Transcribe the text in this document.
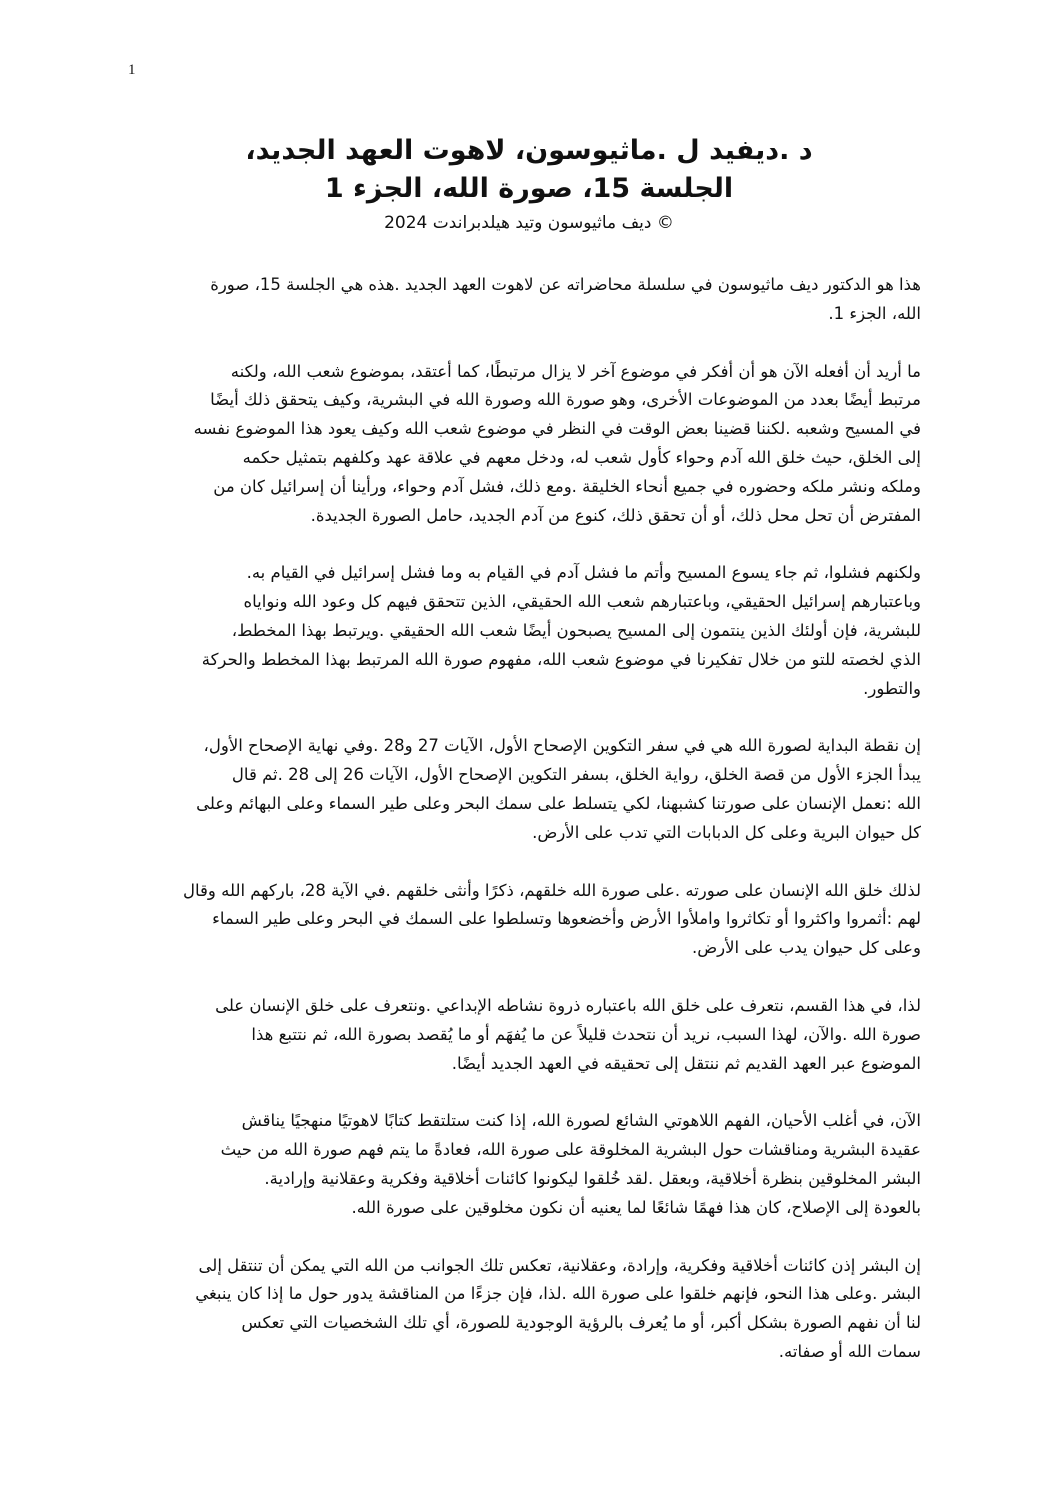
1
،د .ديفيد ل .ماثيوسون، لاهوت العهد الجديد
الجلسة 15، صورة الله، الجزء 1
ديف ماثيوسون وتيد هيلدبراندت 2024 ©
هذا هو الدكتور ديف ماثيوسون في سلسلة محاضراته عن لاهوت العهد الجديد .هذه هي الجلسة 15، صورة
.الله، الجزء 1
ما أريد أن أفعله الآن هو أن أفكر في موضوع آخر لا يزال مرتبطًا، كما أعتقد، بموضوع شعب الله، ولكنه
مرتبط أيضًا بعدد من الموضوعات الأخرى، وهو صورة الله وصورة الله في البشرية، وكيف يتحقق ذلك أيضًا
في المسيح وشعبه .لكننا قضينا بعض الوقت في النظر في موضوع شعب الله وكيف يعود هذا الموضوع نفسه
إلى الخلق، حيث خلق الله آدم وحواء كأول شعب له، ودخل معهم في علاقة عهد وكلفهم بتمثيل حكمه
وملكه ونشر ملكه وحضوره في جميع أنحاء الخليقة .ومع ذلك، فشل آدم وحواء، ورأينا أن إسرائيل كان من
.المفترض أن تحل محل ذلك، أو أن تحقق ذلك، كنوع من آدم الجديد، حامل الصورة الجديدة
.ولكنهم فشلوا، ثم جاء يسوع المسيح وأتم ما فشل آدم في القيام به وما فشل إسرائيل في القيام به
وباعتبارهم إسرائيل الحقيقي، وباعتبارهم شعب الله الحقيقي، الذين تتحقق فيهم كل وعود الله ونواياه
،للبشرية، فإن أولئك الذين ينتمون إلى المسيح يصبحون أيضًا شعب الله الحقيقي .ويرتبط بهذا المخطط
الذي لخصته للتو من خلال تفكيرنا في موضوع شعب الله، مفهوم صورة الله المرتبط بهذا المخطط والحركة
.والتطور
،إن نقطة البداية لصورة الله هي في سفر التكوين الإصحاح الأول، الآيات 27 و28 .وفي نهاية الإصحاح الأول
يبدأ الجزء الأول من قصة الخلق، رواية الخلق، بسفر التكوين الإصحاح الأول، الآيات 26 إلى 28 .ثم قال
الله :نعمل الإنسان على صورتنا كشبهنا، لكي يتسلط على سمك البحر وعلى طير السماء وعلى البهائم وعلى
.كل حيوان البرية وعلى كل الدبابات التي تدب على الأرض
لذلك خلق الله الإنسان على صورته .على صورة الله خلقهم، ذكرًا وأنثى خلقهم .في الآية 28، باركهم الله وقال
لهم :أثمروا واكثروا أو تكاثروا واملأوا الأرض وأخضعوها وتسلطوا على السمك في البحر وعلى طير السماء
.وعلى كل حيوان يدب على الأرض
لذا، في هذا القسم، نتعرف على خلق الله باعتباره ذروة نشاطه الإبداعي .ونتعرف على خلق الإنسان على
صورة الله .والآن، لهذا السبب، نريد أن نتحدث قليلاً عن ما يُفهَم أو ما يُقصد بصورة الله، ثم نتتبع هذا
.الموضوع عبر العهد القديم ثم ننتقل إلى تحقيقه في العهد الجديد أيضًا
الآن، في أغلب الأحيان، الفهم اللاهوتي الشائع لصورة الله، إذا كنت ستلتقط كتابًا لاهوتيًا منهجيًا يناقش
عقيدة البشرية ومناقشات حول البشرية المخلوقة على صورة الله، فعادةً ما يتم فهم صورة الله من حيث
.البشر المخلوقين بنظرة أخلاقية، وبعقل .لقد خُلقوا ليكونوا كائنات أخلاقية وفكرية وعقلانية وإرادية
.بالعودة إلى الإصلاح، كان هذا فهمًا شائعًا لما يعنيه أن نكون مخلوقين على صورة الله
إن البشر إذن كائنات أخلاقية وفكرية، وإرادة، وعقلانية، تعكس تلك الجوانب من الله التي يمكن أن تنتقل إلى
البشر .وعلى هذا النحو، فإنهم خلقوا على صورة الله .لذا، فإن جزءًا من المناقشة يدور حول ما إذا كان ينبغي
لنا أن نفهم الصورة بشكل أكبر، أو ما يُعرف بالرؤية الوجودية للصورة، أي تلك الشخصيات التي تعكس
.سمات الله أو صفاته
